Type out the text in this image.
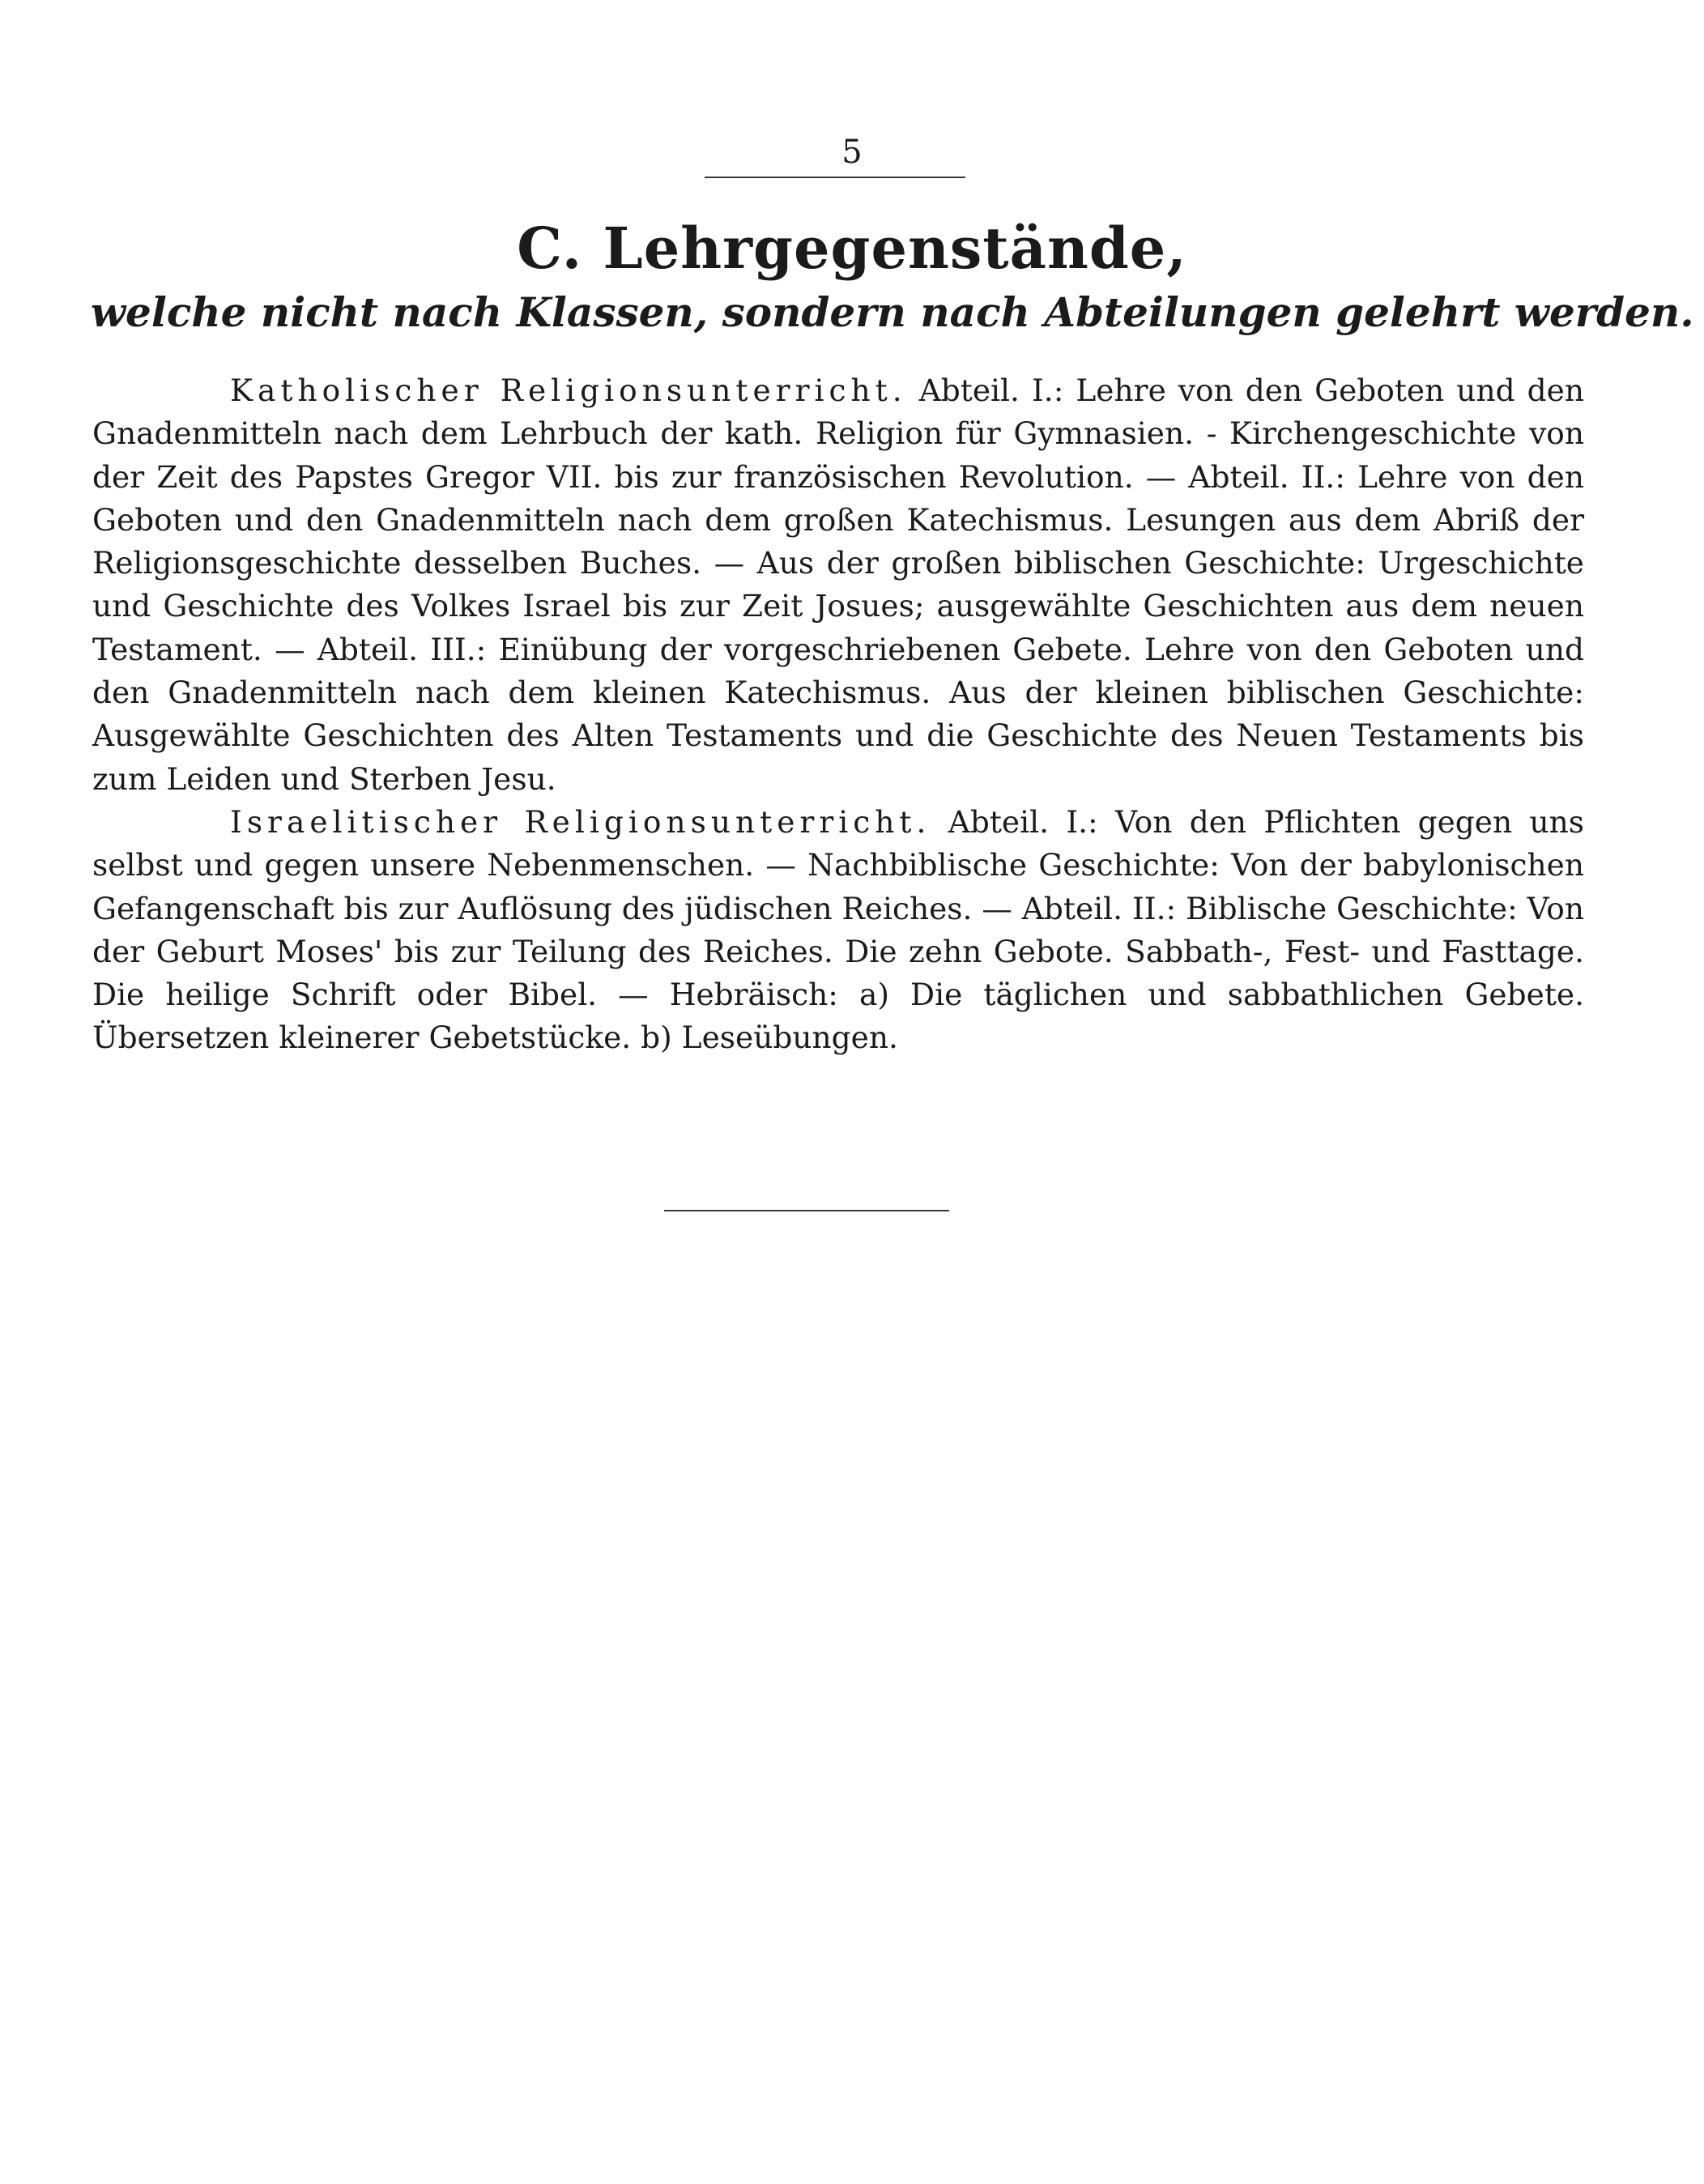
5
C. Lehrgegenstände,
welche nicht nach Klassen, sondern nach Abteilungen gelehrt werden.

Katholischer Religionsunterricht. Abteil. I.: Lehre von den Geboten und den Gnadenmitteln nach dem Lehrbuch der kath. Religion für Gymnasien. - Kirchengeschichte von der Zeit des Papstes Gregor VII. bis zur französischen Revolution. — Abteil. II.: Lehre von den Geboten und den Gnadenmitteln nach dem großen Katechismus. Lesungen aus dem Abriß der Religionsgeschichte desselben Buches. — Aus der großen biblischen Geschichte: Urgeschichte und Geschichte des Volkes Israel bis zur Zeit Josues; ausgewählte Geschichten aus dem neuen Testament. — Abteil. III.: Einübung der vorgeschriebenen Gebete. Lehre von den Geboten und den Gnadenmitteln nach dem kleinen Katechismus. Aus der kleinen biblischen Geschichte: Ausgewählte Geschichten des Alten Testaments und die Geschichte des Neuen Testaments bis zum Leiden und Sterben Jesu.

Israelitischer Religionsunterricht. Abteil. I.: Von den Pflichten gegen uns selbst und gegen unsere Nebenmenschen. — Nachbiblische Geschichte: Von der babylonischen Gefangenschaft bis zur Auflösung des jüdischen Reiches. — Abteil. II.: Biblische Geschichte: Von der Geburt Moses' bis zur Teilung des Reiches. Die zehn Gebote. Sabbath-, Fest- und Fasttage. Die heilige Schrift oder Bibel. — Hebräisch: a) Die täglichen und sabbathlichen Gebete. Übersetzen kleinerer Gebetstücke. b) Leseübungen.
